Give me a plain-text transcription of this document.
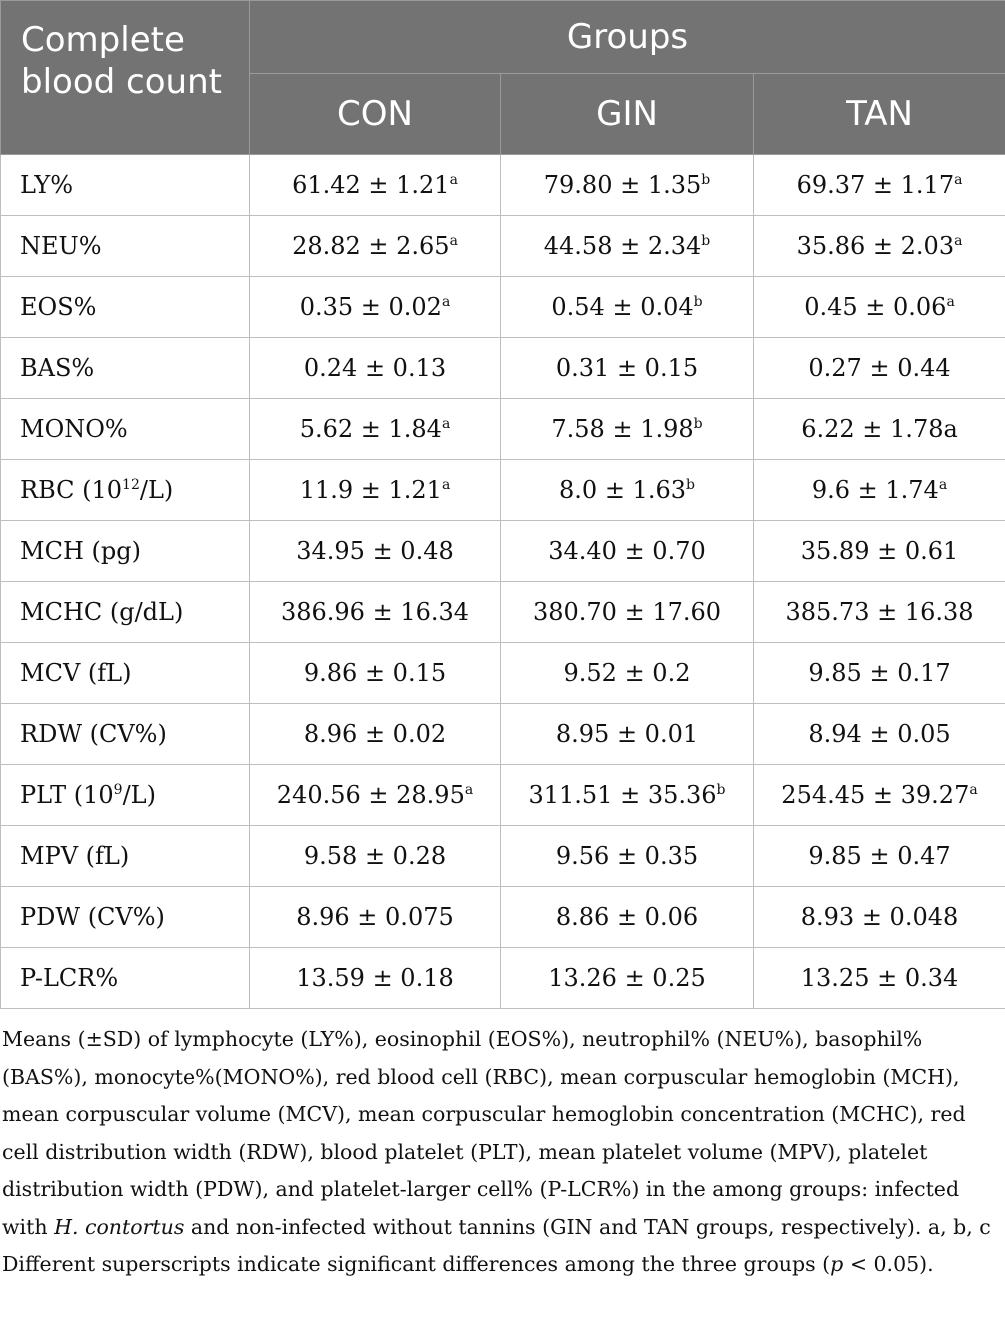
Complete blood count	Groups		
	CON	GIN	TAN
LY%	61.42 ± 1.21$^a$	79.80 ± 1.35$^b$	69.37 ± 1.17$^a$
NEU%	28.82 ± 2.65$^a$	44.58 ± 2.34$^b$	35.86 ± 2.03$^a$
EOS%	0.35 ± 0.02$^a$	0.54 ± 0.04$^b$	0.45 ± 0.06$^a$
BAS%	0.24 ± 0.13	0.31 ± 0.15	0.27 ± 0.44
MONO%	5.62 ± 1.84$^a$	7.58 ± 1.98$^b$	6.22 ± 1.78a
RBC $(10^{12}/L)$	11.9 ± 1.21$^a$	8.0 ± 1.63$^b$	9.6 ± 1.74$^a$
MCH (pg)	34.95 ± 0.48	34.40 ± 0.70	35.89 ± 0.61
MCHC (g/dL)	386.96 ± 16.34	380.70 ± 17.60	385.73 ± 16.38
MCV (fL)	9.86 ± 0.15	9.52 ± 0.2	9.85 ± 0.17
RDW (CV%)	8.96 ± 0.02	8.95 ± 0.01	8.94 ± 0.05
PLT $(10^9/L)$	240.56 ± 28.95$^a$	311.51 ± 35.36$^b$	254.45 ± 39.27$^a$
MPV (fL)	9.58 ± 0.28	9.56 ± 0.35	9.85 ± 0.47
PDW (CV%)	8.96 ± 0.075	8.86 ± 0.06	8.93 ± 0.048
P-LCR%	13.59 ± 0.18	13.26 ± 0.25	13.25 ± 0.34

Means (±SD) of lymphocyte (LY%), eosinophil (EOS%), neutrophil% (NEU%), basophil% (BAS%), monocyte%(MONO%), red blood cell (RBC), mean corpuscular hemoglobin (MCH), mean corpuscular volume (MCV), mean corpuscular hemoglobin concentration (MCHC), red cell distribution width (RDW), blood platelet (PLT), mean platelet volume (MPV), platelet distribution width (PDW), and platelet-larger cell% (P-LCR%) in the among groups: infected with H. contortus and non-infected without tannins (GIN and TAN groups, respectively). a, b, c Different superscripts indicate significant differences among the three groups (p < 0.05).
